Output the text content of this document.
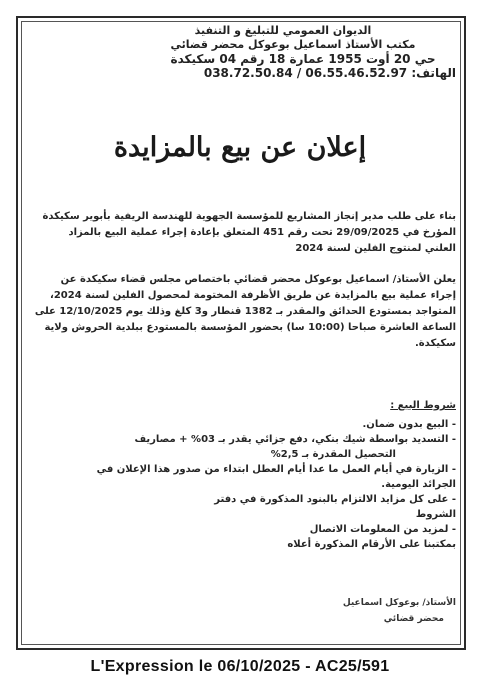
الديوان العمومي للتبليغ و التنفيذ
مكتب الأستاذ اسماعيل بوعوكل محضر قضائي
حي 20 أوت 1955 عمارة 18 رقم 04 سكيكدة
الهاتف: 038.72.50.84 / 06.55.46.52.97
إعلان عن بيع بالمزايدة

بناء على طلب مدير إنجاز المشاريع للمؤسسة الجهوية للهندسة الريفية بأبوير سكيكدة المؤرخ في 29/09/2025 تحت رقم 451 المتعلق بإعادة إجراء عملية البيع بالمزاد العلني لمنتوج الفلين لسنة 2024

يعلن الأستاذ/ اسماعيل بوعوكل محضر قضائي باختصاص مجلس قضاء سكيكدة عن إجراء عملية بيع بالمزايدة عن طريق الأظرفة المختومة لمحصول الفلين لسنة 2024، المتواجد بمستودع الحدائق والمقدر بـ 1382 قنطار و3 كلغ وذلك يوم 12/10/2025 على الساعة العاشرة صباحا (10:00 سا) بحضور المؤسسة بالمستودع ببلدية الحروش ولاية سكيكدة.

شروط البيع :
- البيع بدون ضمان.
- التسديد بواسطة شيك بنكي، دفع جزائي يقدر بـ 03% + مصاريف
التحصيل المقدرة بـ 2,5%
- الزيارة في أيام العمل ما عدا أيام العطل ابتداء من صدور هذا الإعلان في
الجرائد اليومية.
- على كل مزايد الالتزام بالبنود المذكورة في دفتر
الشروط
- لمزيد من المعلومات الاتصال
بمكتبنا على الأرقام المذكورة أعلاه
الأستاذ/ بوعوكل اسماعيل
محضر قضائي
L'Expression le 06/10/2025 - AC25/591
